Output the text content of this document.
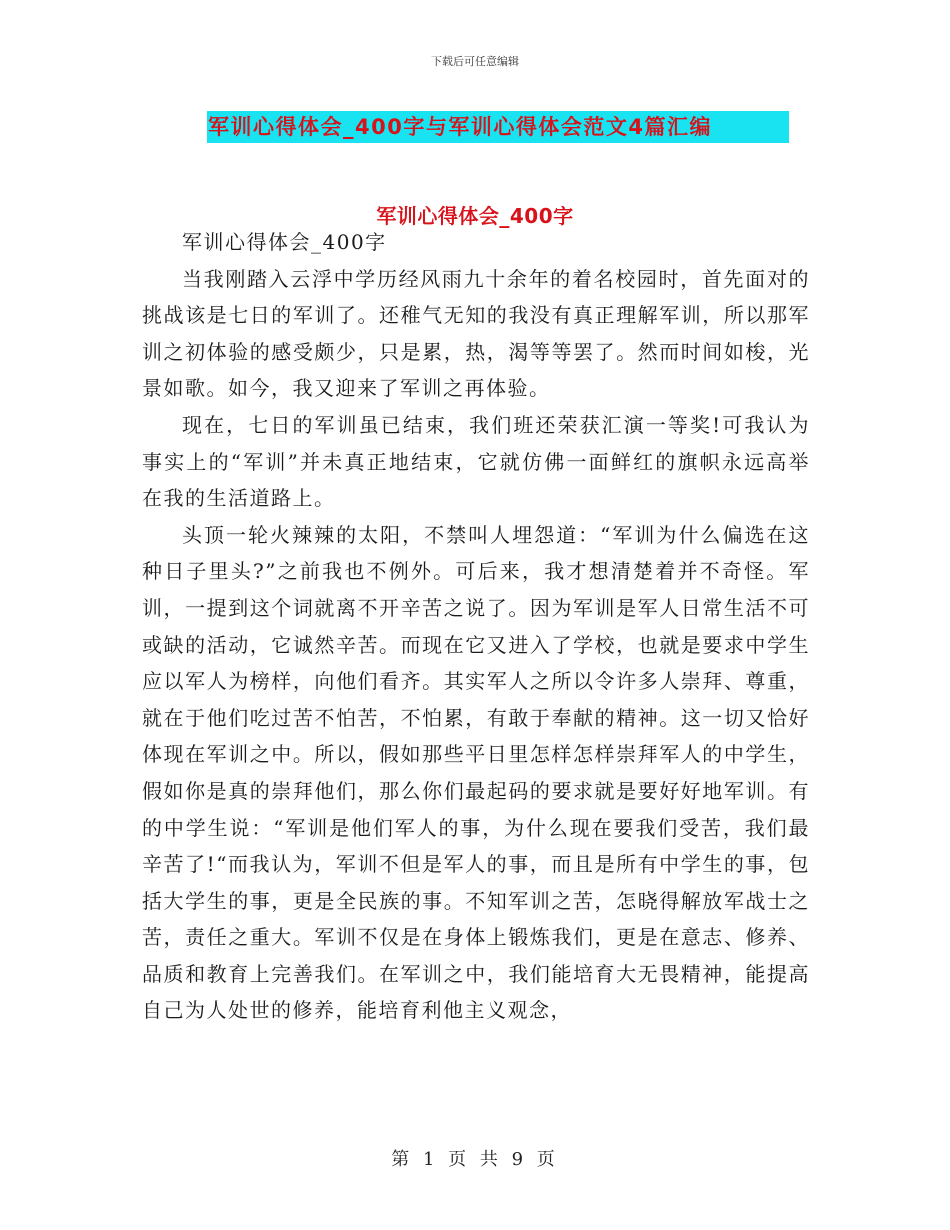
下载后可任意编辑
军训心得体会_400字与军训心得体会范文4篇汇编
军训心得体会_400字

军训心得体会_400字

当我刚踏入云浮中学历经风雨九十余年的着名校园时，首先面对的挑战该是七日的军训了。还稚气无知的我没有真正理解军训，所以那军训之初体验的感受颇少，只是累，热，渴等等罢了。然而时间如梭，光景如歌。如今，我又迎来了军训之再体验。

现在，七日的军训虽已结束，我们班还荣获汇演一等奖!可我认为事实上的“军训”并未真正地结束，它就仿佛一面鲜红的旗帜永远高举在我的生活道路上。

头顶一轮火辣辣的太阳，不禁叫人埋怨道：“军训为什么偏选在这种日子里头?”之前我也不例外。可后来，我才想清楚着并不奇怪。军训，一提到这个词就离不开辛苦之说了。因为军训是军人日常生活不可或缺的活动，它诚然辛苦。而现在它又进入了学校，也就是要求中学生应以军人为榜样，向他们看齐。其实军人之所以令许多人崇拜、尊重，就在于他们吃过苦不怕苦，不怕累，有敢于奉献的精神。这一切又恰好体现在军训之中。所以，假如那些平日里怎样怎样崇拜军人的中学生，假如你是真的崇拜他们，那么你们最起码的要求就是要好好地军训。有的中学生说：“军训是他们军人的事，为什么现在要我们受苦，我们最辛苦了!“而我认为，军训不但是军人的事，而且是所有中学生的事，包括大学生的事，更是全民族的事。不知军训之苦，怎晓得解放军战士之苦，责任之重大。军训不仅是在身体上锻炼我们，更是在意志、修养、品质和教育上完善我们。在军训之中，我们能培育大无畏精神，能提高自己为人处世的修养，能培育利他主义观念，

第 1 页 共 9 页
